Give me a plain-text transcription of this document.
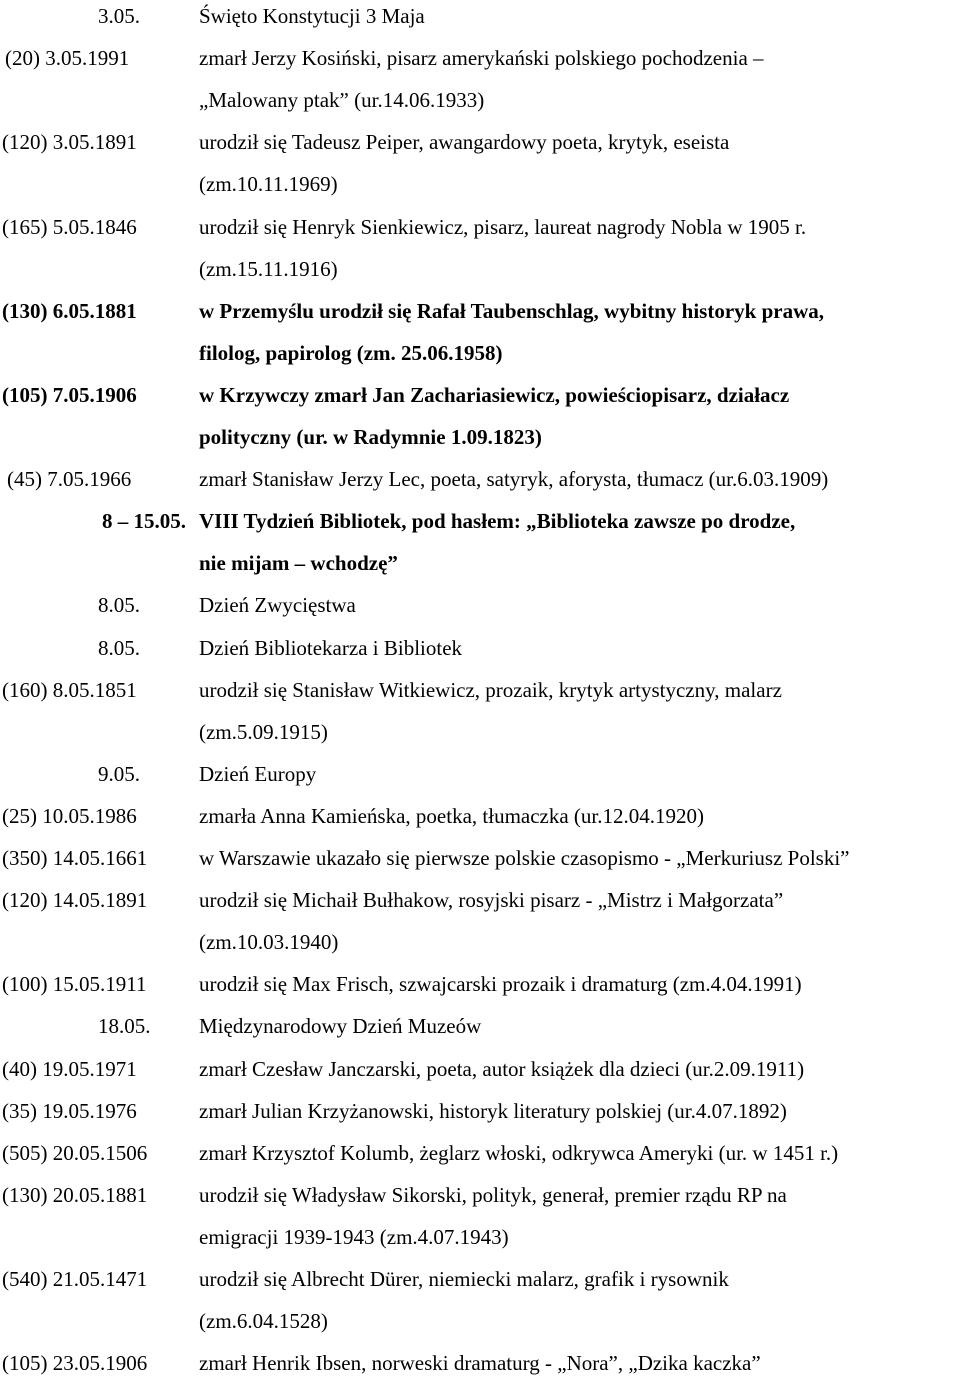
3.05.	Święto Konstytucji 3 Maja
(20) 3.05.1991	zmarł Jerzy Kosiński, pisarz amerykański polskiego pochodzenia –
„Malowany ptak” (ur.14.06.1933)
(120) 3.05.1891	urodził się Tadeusz Peiper, awangardowy poeta, krytyk, eseista
(zm.10.11.1969)
(165) 5.05.1846	urodził się Henryk Sienkiewicz, pisarz, laureat nagrody Nobla w 1905 r.
(zm.15.11.1916)
(130) 6.05.1881	w Przemyślu urodził się Rafał Taubenschlag, wybitny historyk prawa,
filolog, papirolog (zm. 25.06.1958)
(105) 7.05.1906	w Krzywczy zmarł Jan Zachariasiewicz, powieściopisarz, działacz
polityczny (ur. w Radymnie 1.09.1823)
(45) 7.05.1966	zmarł Stanisław Jerzy Lec, poeta, satyryk, aforysta, tłumacz (ur.6.03.1909)
8 – 15.05. VIII Tydzień Bibliotek, pod hasłem: „Biblioteka zawsze po drodze,
nie mijam – wchodzę”
8.05.	Dzień Zwycięstwa
8.05.	Dzień Bibliotekarza i Bibliotek
(160) 8.05.1851	urodził się Stanisław Witkiewicz, prozaik, krytyk artystyczny, malarz
(zm.5.09.1915)
9.05.	Dzień Europy
(25) 10.05.1986	zmarła Anna Kamieńska, poetka, tłumaczka (ur.12.04.1920)
(350) 14.05.1661 w Warszawie ukazało się pierwsze polskie czasopismo - „Merkuriusz Polski”
(120) 14.05.1891 urodził się Michaił Bułhakow, rosyjski pisarz - „Mistrz i Małgorzata”
(zm.10.03.1940)
(100) 15.05.1911	urodził się Max Frisch, szwajcarski prozaik i dramaturg (zm.4.04.1991)
18.05. Międzynarodowy Dzień Muzeów
(40) 19.05.1971	zmarł Czesław Janczarski, poeta, autor książek dla dzieci (ur.2.09.1911)
(35) 19.05.1976	zmarł Julian Krzyżanowski, historyk literatury polskiej (ur.4.07.1892)
(505) 20.05.1506 zmarł Krzysztof Kolumb, żeglarz włoski, odkrywca Ameryki (ur. w 1451 r.)
(130) 20.05.1881 urodził się Władysław Sikorski, polityk, generał, premier rządu RP na
emigracji 1939-1943 (zm.4.07.1943)
(540) 21.05.1471 urodził się Albrecht Dürer, niemiecki malarz, grafik i rysownik
(zm.6.04.1528)
(105) 23.05.1906 zmarł Henrik Ibsen, norweski dramaturg - „Nora”, „Dzika kaczka”
